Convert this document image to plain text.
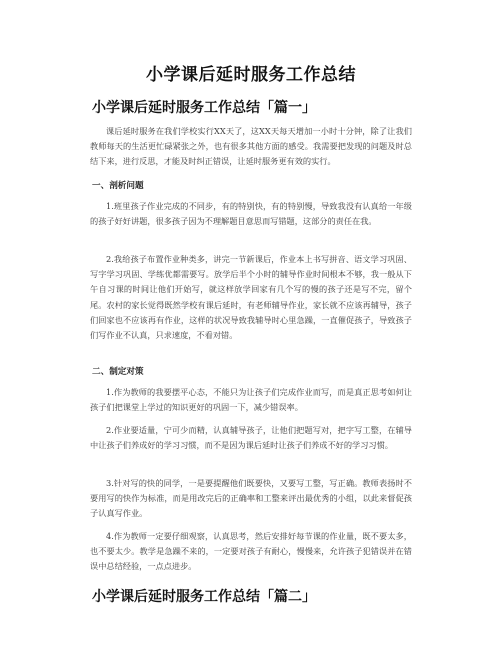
小学课后延时服务工作总结
小学课后延时服务工作总结「篇一」

课后延时服务在我们学校实行XX天了，这XX天每天增加一小时十分钟，除了让我们教师每天的生活更忙碌紧张之外，也有很多其他方面的感受。我需要把发现的问题及时总结下来，进行反思，才能及时纠正错误，让延时服务更有效的实行。

一、剖析问题

1.班里孩子作业完成的不同步，有的特别快，有的特别慢，导致我没有认真给一年级的孩子好好讲题，很多孩子因为不理解题目意思而写错题，这部分的责任在我。

2.我给孩子布置作业种类多，讲完一节新课后，作业本上书写拼音、语文学习巩固、写字学习巩固、学练优都需要写。放学后半个小时的辅导作业时间根本不够，我一般从下午自习课的时间让他们开始写，就这样放学回家有几个写的慢的孩子还是写不完，留个尾。农村的家长觉得既然学校有课后延时，有老师辅导作业，家长就不应该再辅导，孩子们回家也不应该再有作业，这样的状况导致我辅导时心里急躁，一直催促孩子，导致孩子们写作业不认真，只求速度，不看对错。

二、制定对策

1.作为教师的我要摆平心态，不能只为让孩子们完成作业而写，而是真正思考如何让孩子们把课堂上学过的知识更好的巩固一下，减少错误率。

2.作业要适量，宁可少而精，认真辅导孩子，让他们把题写对，把字写工整，在辅导中让孩子们养成好的学习习惯，而不是因为课后延时让孩子们养成不好的学习习惯。

3.针对写的快的同学，一是要提醒他们既要快，又要写工整，写正确。教师表扬时不要用写的快作为标准，而是用改完后的正确率和工整来评出最优秀的小组，以此来督促孩子认真写作业。

4.作为教师一定要仔细观察，认真思考，然后安排好每节课的作业量，既不要太多，也不要太少。教学是急躁不来的，一定要对孩子有耐心，慢慢来，允许孩子犯错误并在错误中总结经验，一点点进步。

小学课后延时服务工作总结「篇二」
